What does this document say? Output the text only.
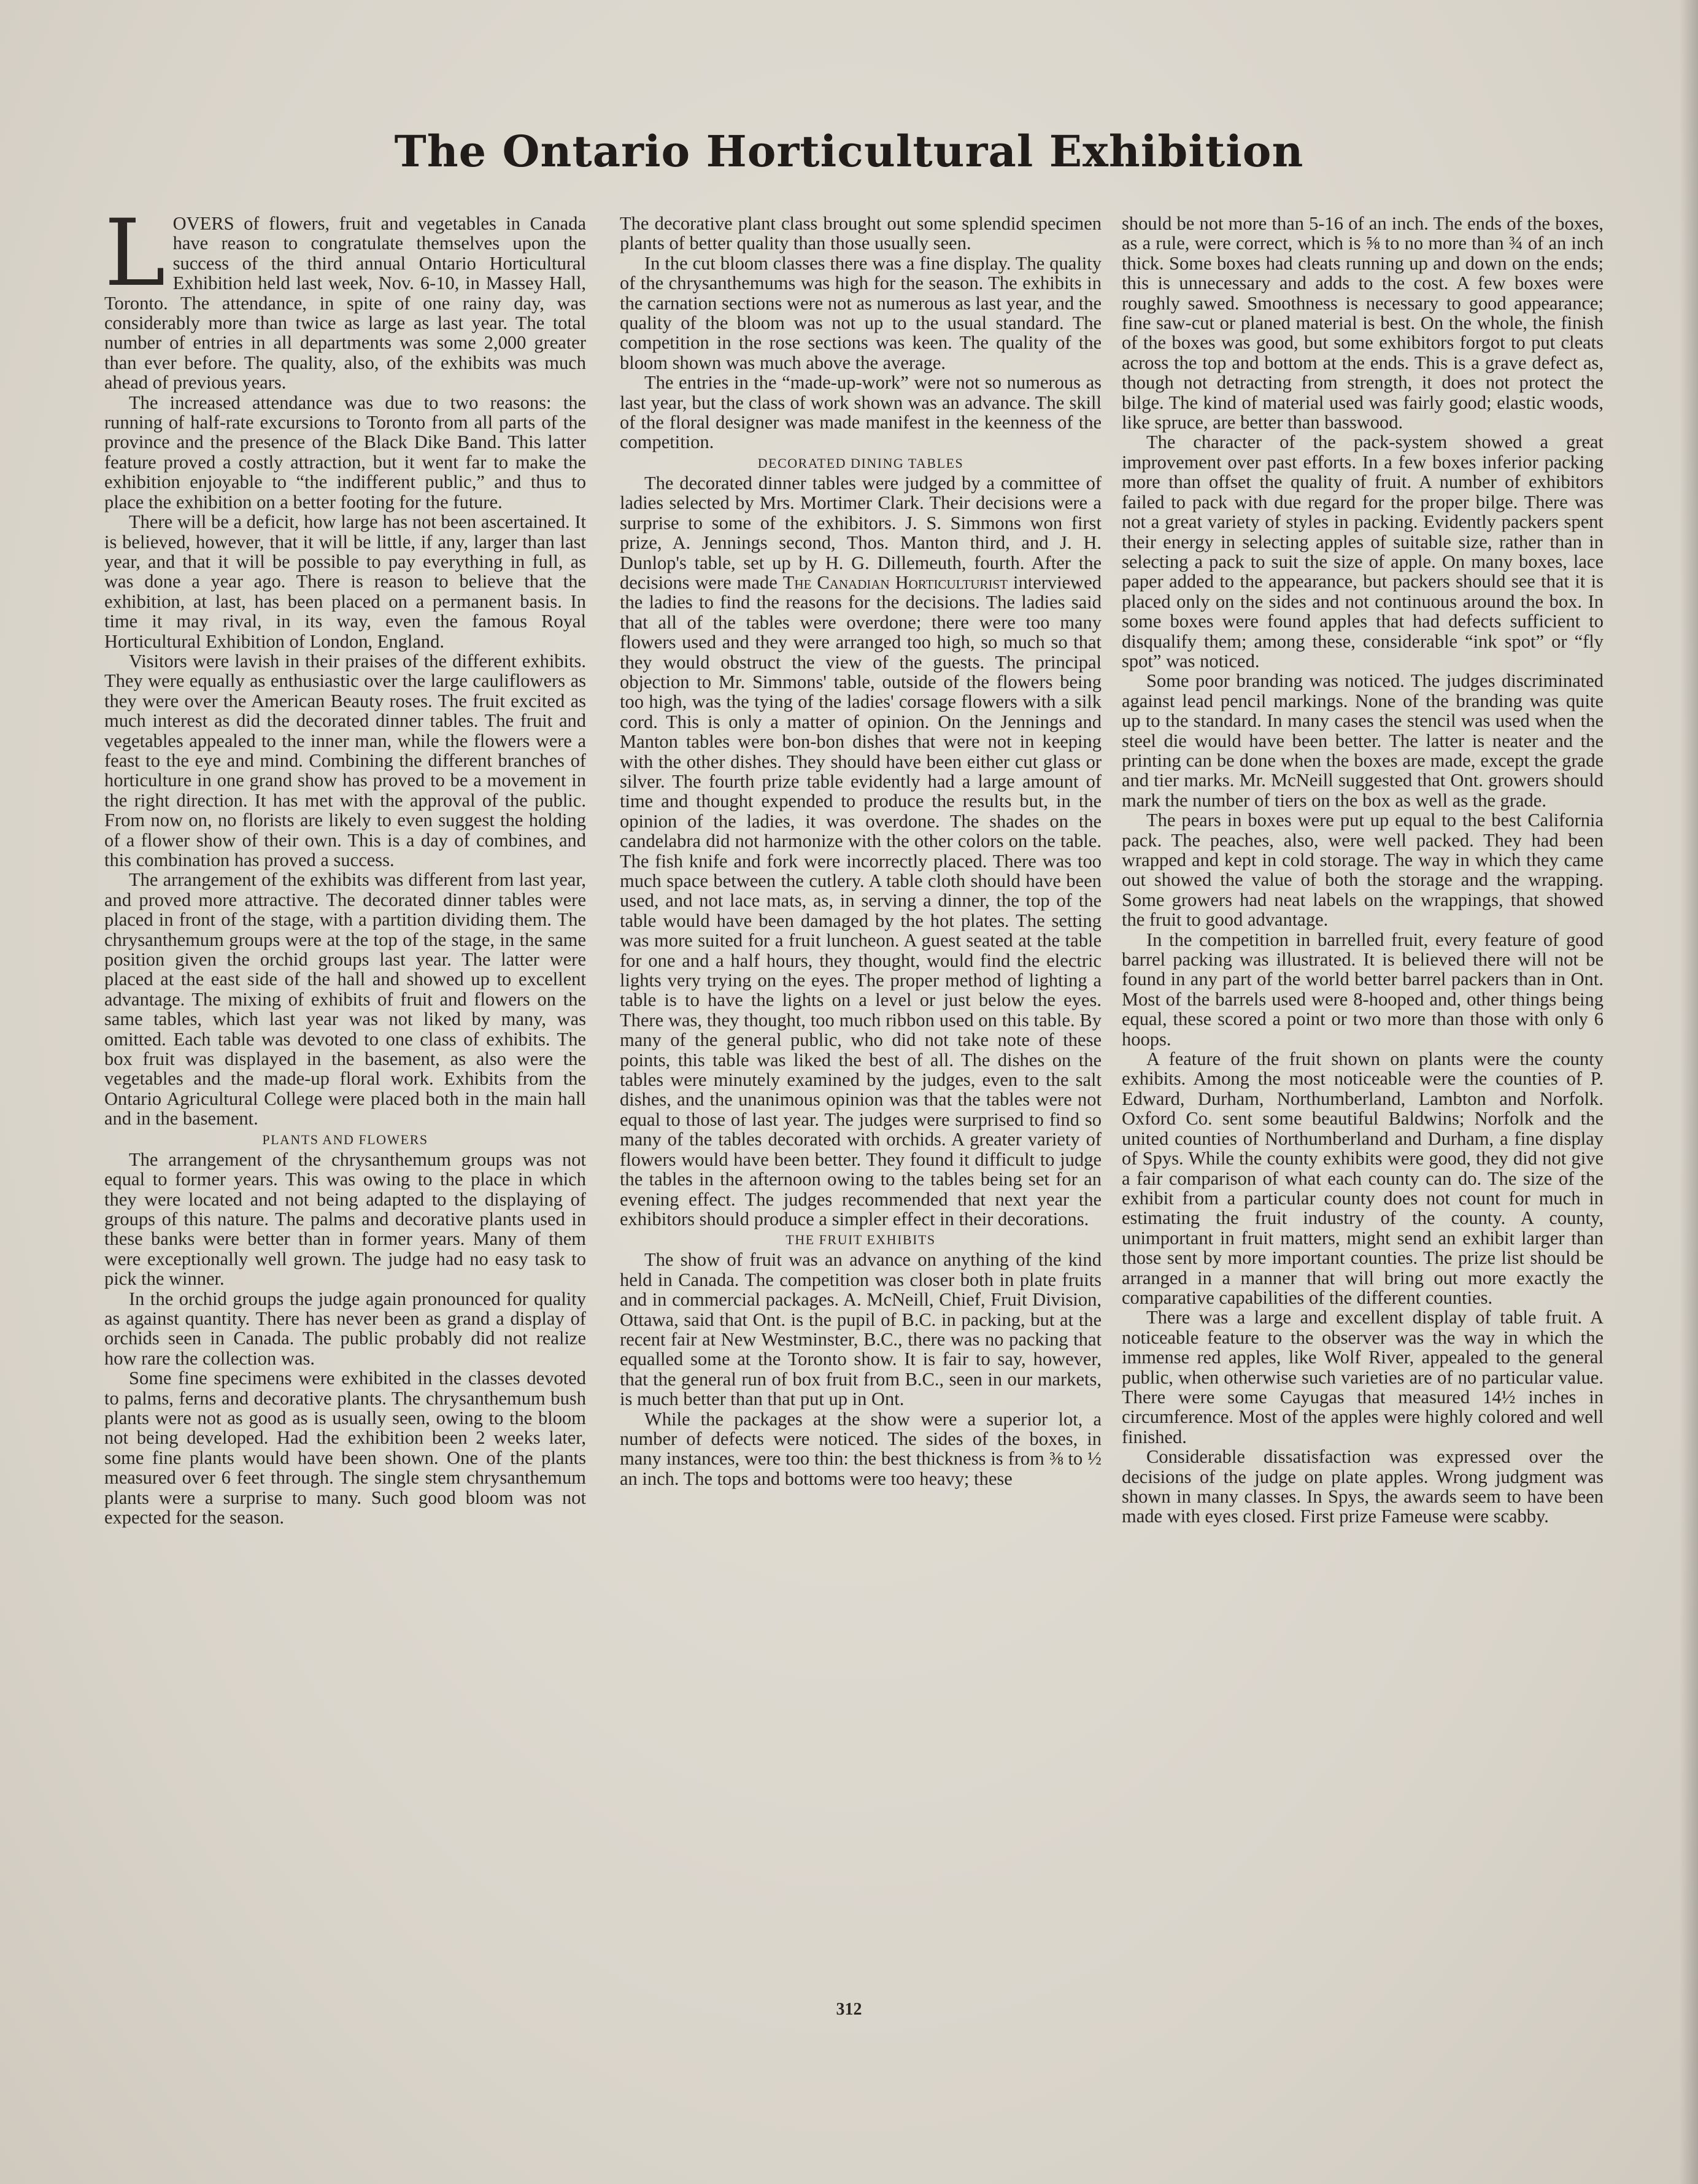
The Ontario Horticultural Exhibition

LOVERS of flowers, fruit and vegetables in Canada have reason to congratulate themselves upon the success of the third annual Ontario Horticultural Exhibition held last week, Nov. 6-10, in Massey Hall, Toronto. The attendance, in spite of one rainy day, was considerably more than twice as large as last year. The total number of entries in all departments was some 2,000 greater than ever before. The quality, also, of the exhibits was much ahead of previous years.

The increased attendance was due to two reasons: the running of half-rate excursions to Toronto from all parts of the province and the presence of the Black Dike Band. This latter feature proved a costly attraction, but it went far to make the exhibition enjoyable to “the indifferent public,” and thus to place the exhibition on a better footing for the future.

There will be a deficit, how large has not been ascertained. It is believed, however, that it will be little, if any, larger than last year, and that it will be possible to pay everything in full, as was done a year ago. There is reason to believe that the exhibition, at last, has been placed on a permanent basis. In time it may rival, in its way, even the famous Royal Horticultural Exhibition of London, England.

Visitors were lavish in their praises of the different exhibits. They were equally as enthusiastic over the large cauliflowers as they were over the American Beauty roses. The fruit excited as much interest as did the decorated dinner tables. The fruit and vegetables appealed to the inner man, while the flowers were a feast to the eye and mind. Combining the different branches of horticulture in one grand show has proved to be a movement in the right direction. It has met with the approval of the public. From now on, no florists are likely to even suggest the holding of a flower show of their own. This is a day of combines, and this combination has proved a success.

The arrangement of the exhibits was different from last year, and proved more attractive. The decorated dinner tables were placed in front of the stage, with a partition dividing them. The chrysanthemum groups were at the top of the stage, in the same position given the orchid groups last year. The latter were placed at the east side of the hall and showed up to excellent advantage. The mixing of exhibits of fruit and flowers on the same tables, which last year was not liked by many, was omitted. Each table was devoted to one class of exhibits. The box fruit was displayed in the basement, as also were the vegetables and the made-up floral work. Exhibits from the Ontario Agricultural College were placed both in the main hall and in the basement.

PLANTS AND FLOWERS

The arrangement of the chrysanthemum groups was not equal to former years. This was owing to the place in which they were located and not being adapted to the displaying of groups of this nature. The palms and decorative plants used in these banks were better than in former years. Many of them were exceptionally well grown. The judge had no easy task to pick the winner.

In the orchid groups the judge again pronounced for quality as against quantity. There has never been as grand a display of orchids seen in Canada. The public probably did not realize how rare the collection was.

Some fine specimens were exhibited in the classes devoted to palms, ferns and decorative plants. The chrysanthemum bush plants were not as good as is usually seen, owing to the bloom not being developed. Had the exhibition been 2 weeks later, some fine plants would have been shown. One of the plants measured over 6 feet through. The single stem chrysanthemum plants were a surprise to many. Such good bloom was not expected for the season.

The decorative plant class brought out some splendid specimen plants of better quality than those usually seen.

In the cut bloom classes there was a fine display. The quality of the chrysanthemums was high for the season. The exhibits in the carnation sections were not as numerous as last year, and the quality of the bloom was not up to the usual standard. The competition in the rose sections was keen. The quality of the bloom shown was much above the average.

The entries in the “made-up-work” were not so numerous as last year, but the class of work shown was an advance. The skill of the floral designer was made manifest in the keenness of the competition.

DECORATED DINING TABLES

The decorated dinner tables were judged by a committee of ladies selected by Mrs. Mortimer Clark. Their decisions were a surprise to some of the exhibitors. J. S. Simmons won first prize, A. Jennings second, Thos. Manton third, and J. H. Dunlop's table, set up by H. G. Dillemeuth, fourth. After the decisions were made The Canadian Horticulturist interviewed the ladies to find the reasons for the decisions. The ladies said that all of the tables were overdone; there were too many flowers used and they were arranged too high, so much so that they would obstruct the view of the guests. The principal objection to Mr. Simmons' table, outside of the flowers being too high, was the tying of the ladies' corsage flowers with a silk cord. This is only a matter of opinion. On the Jennings and Manton tables were bon-bon dishes that were not in keeping with the other dishes. They should have been either cut glass or silver. The fourth prize table evidently had a large amount of time and thought expended to produce the results but, in the opinion of the ladies, it was overdone. The shades on the candelabra did not harmonize with the other colors on the table. The fish knife and fork were incorrectly placed. There was too much space between the cutlery. A table cloth should have been used, and not lace mats, as, in serving a dinner, the top of the table would have been damaged by the hot plates. The setting was more suited for a fruit luncheon. A guest seated at the table for one and a half hours, they thought, would find the electric lights very trying on the eyes. The proper method of lighting a table is to have the lights on a level or just below the eyes. There was, they thought, too much ribbon used on this table. By many of the general public, who did not take note of these points, this table was liked the best of all. The dishes on the tables were minutely examined by the judges, even to the salt dishes, and the unanimous opinion was that the tables were not equal to those of last year. The judges were surprised to find so many of the tables decorated with orchids. A greater variety of flowers would have been better. They found it difficult to judge the tables in the afternoon owing to the tables being set for an evening effect. The judges recommended that next year the exhibitors should produce a simpler effect in their decorations.

THE FRUIT EXHIBITS

The show of fruit was an advance on anything of the kind held in Canada. The competition was closer both in plate fruits and in commercial packages. A. McNeill, Chief, Fruit Division, Ottawa, said that Ont. is the pupil of B.C. in packing, but at the recent fair at New Westminster, B.C., there was no packing that equalled some at the Toronto show. It is fair to say, however, that the general run of box fruit from B.C., seen in our markets, is much better than that put up in Ont.

While the packages at the show were a superior lot, a number of defects were noticed. The sides of the boxes, in many instances, were too thin: the best thickness is from ⅜ to ½ an inch. The tops and bottoms were too heavy; these

should be not more than 5-16 of an inch. The ends of the boxes, as a rule, were correct, which is ⅝ to no more than ¾ of an inch thick. Some boxes had cleats running up and down on the ends; this is unnecessary and adds to the cost. A few boxes were roughly sawed. Smoothness is necessary to good appearance; fine saw-cut or planed material is best. On the whole, the finish of the boxes was good, but some exhibitors forgot to put cleats across the top and bottom at the ends. This is a grave defect as, though not detracting from strength, it does not protect the bilge. The kind of material used was fairly good; elastic woods, like spruce, are better than basswood.

The character of the pack-system showed a great improvement over past efforts. In a few boxes inferior packing more than offset the quality of fruit. A number of exhibitors failed to pack with due regard for the proper bilge. There was not a great variety of styles in packing. Evidently packers spent their energy in selecting apples of suitable size, rather than in selecting a pack to suit the size of apple. On many boxes, lace paper added to the appearance, but packers should see that it is placed only on the sides and not continuous around the box. In some boxes were found apples that had defects sufficient to disqualify them; among these, considerable “ink spot” or “fly spot” was noticed.

Some poor branding was noticed. The judges discriminated against lead pencil markings. None of the branding was quite up to the standard. In many cases the stencil was used when the steel die would have been better. The latter is neater and the printing can be done when the boxes are made, except the grade and tier marks. Mr. McNeill suggested that Ont. growers should mark the number of tiers on the box as well as the grade.

The pears in boxes were put up equal to the best California pack. The peaches, also, were well packed. They had been wrapped and kept in cold storage. The way in which they came out showed the value of both the storage and the wrapping. Some growers had neat labels on the wrappings, that showed the fruit to good advantage.

In the competition in barrelled fruit, every feature of good barrel packing was illustrated. It is believed there will not be found in any part of the world better barrel packers than in Ont. Most of the barrels used were 8-hooped and, other things being equal, these scored a point or two more than those with only 6 hoops.

A feature of the fruit shown on plants were the county exhibits. Among the most noticeable were the counties of P. Edward, Durham, Northumberland, Lambton and Norfolk. Oxford Co. sent some beautiful Baldwins; Norfolk and the united counties of Northumberland and Durham, a fine display of Spys. While the county exhibits were good, they did not give a fair comparison of what each county can do. The size of the exhibit from a particular county does not count for much in estimating the fruit industry of the county. A county, unimportant in fruit matters, might send an exhibit larger than those sent by more important counties. The prize list should be arranged in a manner that will bring out more exactly the comparative capabilities of the different counties.

There was a large and excellent display of table fruit. A noticeable feature to the observer was the way in which the immense red apples, like Wolf River, appealed to the general public, when otherwise such varieties are of no particular value. There were some Cayugas that measured 14½ inches in circumference. Most of the apples were highly colored and well finished.

Considerable dissatisfaction was expressed over the decisions of the judge on plate apples. Wrong judgment was shown in many classes. In Spys, the awards seem to have been made with eyes closed. First prize Fameuse were scabby.

312
